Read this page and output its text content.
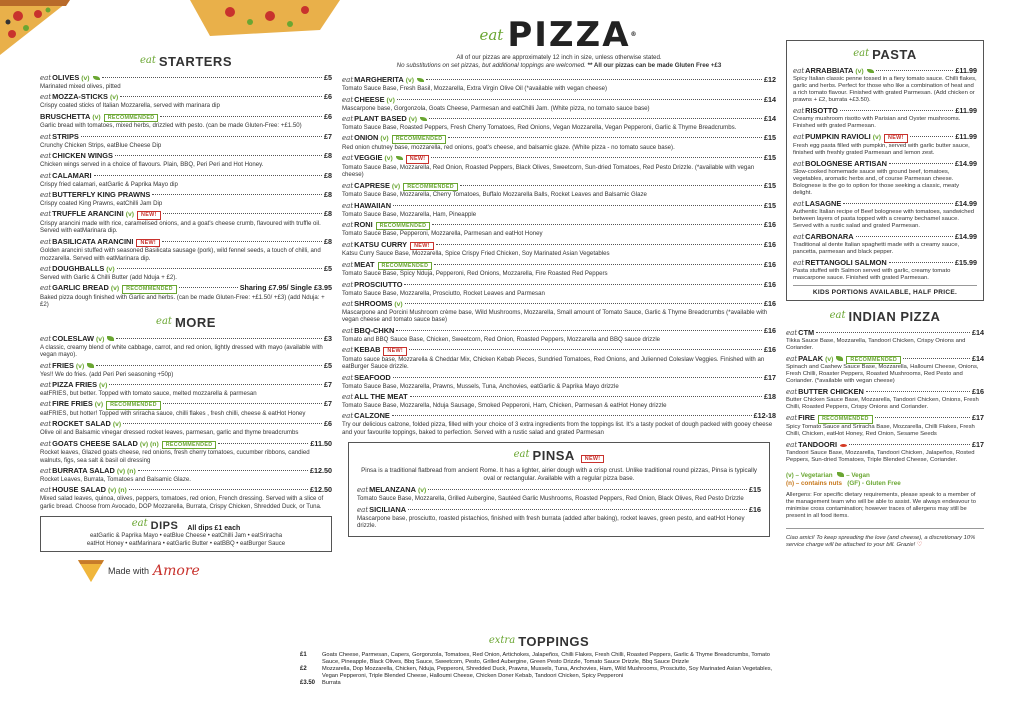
eat STARTERS
eat OLIVES (v)	£5
Marinated mixed olives, pitted
eat MOZZA-STICKS (v)	£6
Crispy coated sticks of Italian Mozzarella, served with marinara dip
BRUSCHETTA (v)	RECOMMENDED	£6
Garlic bread with tomatoes, mixed herbs, drizzled with pesto. (can be made Gluten-Free: +£1.50)
eat STRIPS	£7
Crunchy Chicken Strips, eatBlue Cheese Dip
eat CHICKEN WINGS	£8
Chicken wings served in a choice of flavours. Plain, BBQ, Peri Peri and Hot Honey.
eat CALAMARI	£8
Crispy fried calamari, eatGarlic & Paprika Mayo dip
eat BUTTERFLY KING PRAWNS	£8
Crispy coated King Prawns, eatChilli Jam Dip
eat TRUFFLE ARANCINI (v)	NEW!	£8
Crispy arancini made with rice, caramelised onions, and a goat's cheese crumb, flavoured with truffle oil. Served with eatMarinara dip.
eat BASILICATA ARANCINI	NEW!	£8
Golden arancini stuffed with seasoned Basilicata sausage (pork), wild fennel seeds, a touch of chilli, and mozzarella. Served with eatMarinara dip.
eat DOUGHBALLS (v)	£5
Served with Garlic & Chilli Butter (add Nduja + £2).
eat GARLIC BREAD (v)	RECOMMENDED	Sharing £7.95/ Single £3.95
Baked pizza dough finished with Garlic and herbs. (can be made Gluten-Free: +£1.50/ +£3) (add Nduja: +£2)
eat MORE
eat COLESLAW (v)	£3
A classic, creamy blend of white cabbage, carrot, and red onion, lightly dressed with mayo (available with vegan mayo).
eat FRIES (v)	£5
Yes!! We do fries. (add Peri Peri seasoning +50p)
eat PIZZA FRIES (v)	£7
eatFRIES, but better. Topped with tomato sauce, melted mozzarella & parmesan
eat FIRE FRIES (v)	RECOMMENDED	£7
eatFRIES, but hotter! Topped with sriracha sauce, chilli flakes , fresh chilli, cheese & eatHot Honey
eat ROCKET SALAD (v)	£6
Olive oil and Balsamic vinegar dressed rocket leaves, parmesan, garlic and thyme breadcrumbs
eat GOATS CHEESE SALAD (v) (n)	RECOMMENDED	£11.50
Rocket leaves, Glazed goats cheese, red onions, fresh cherry tomatoes, cucumber ribbons, candied walnuts, figs, sea salt & basil oil dressing
eat BURRATA SALAD (v) (n)	£12.50
Rocket Leaves, Burrata, Tomatoes and Balsamic Glaze.
eat HOUSE SALAD (v) (n)	£12.50
Mixed salad leaves, quinoa, olives, peppers, tomatoes, red onion, French dressing. Served with a slice of garlic bread. Choose from Avocado, DOP Mozzarella, Burrata, Crispy Chicken, Shredded Duck, or Tuna.
eat DIPS All dips £1 each
eatGarlic & Paprika Mayo • eatBlue Cheese • eatChilli Jam • eatSriracha
eatHot Honey • eatMarinara • eatGarlic Butter • eatBBQ • eatBurger Sauce
Made with Amore
eat PIZZA®
All of our pizzas are approximately 12 inch in size, unless otherwise stated.
No substitutions on set pizzas, but additional toppings are welcomed. ** All our pizzas can be made Gluten Free +£3
eat MARGHERITA (v)	£12
Tomato Sauce Base, Fresh Basil, Mozzarella, Extra Virgin Olive Oil (*available with vegan cheese)
eat CHEESE (v)	£14
Mascarpone base, Gorgonzola, Goats Cheese, Parmesan and eatChilli Jam. (White pizza, no tomato sauce base)
eat PLANT BASED (v)	£14
Tomato Sauce Base, Roasted Peppers, Fresh Cherry Tomatoes, Red Onions, Vegan Mozzarella, Vegan Pepperoni, Garlic & Thyme Breadcrumbs.
eat ONION (v)	RECOMMENDED	£15
Red onion chutney base, mozzarella, red onions, goat's cheese, and balsamic glaze. (White pizza - no tomato sauce base).
eat VEGGIE (v)	NEW!	£15
Tomato Sauce Base, Mozzarella, Red Onion, Roasted Peppers, Black Olives, Sweetcorn, Sun-dried Tomatoes, Red Pesto Drizzle. (*available with vegan cheese)
eat CAPRESE (v)	RECOMMENDED	£15
Tomato Sauce Base, Mozzarella, Cherry Tomatoes, Buffalo Mozzarella Balls, Rocket Leaves and Balsamic Glaze
eat HAWAIIAN	£15
Tomato Sauce Base, Mozzarella, Ham, Pineapple
eat RONI	RECOMMENDED	£16
Tomato Sauce Base, Pepperoni, Mozzarella, Parmesan and eatHot Honey
eat KATSU CURRY	NEW!	£16
Katsu Curry Sauce Base, Mozzarella, Spice Crispy Fried Chicken, Soy Marinated Asian Vegetables
eat MEAT	RECOMMENDED	£16
Tomato Sauce Base, Spicy Nduja, Pepperoni, Red Onions, Mozzarella, Fire Roasted Red Peppers
eat PROSCIUTTO	£16
Tomato Sauce Base, Mozzarella, Prosciutto, Rocket Leaves and Parmesan
eat SHROOMS (v)	£16
Mascarpone and Porcini Mushroom crème base, Wild Mushrooms, Mozzarella, Small amount of Tomato Sauce, Garlic & Thyme Breadcrumbs (*available with vegan cheese and tomato sauce base)
eat BBQ-CHKN	£16
Tomato and BBQ Sauce Base, Chicken, Sweetcorn, Red Onion, Roasted Peppers, Mozzarella and BBQ sauce drizzle
eat KEBAB	NEW!	£16
Tomato sauce base, Mozzarella & Cheddar Mix, Chicken Kebab Pieces, Sundried Tomatoes, Red Onions, and Julienned Coleslaw Veggies. Finished with an eatBurger Sauce drizzle.
eat SEAFOOD	£17
Tomato Sauce Base, Mozzarella, Prawns, Mussels, Tuna, Anchovies, eatGarlic & Paprika Mayo drizzle
eat ALL THE MEAT	£18
Tomato Sauce Base, Mozzarella, Nduja Sausage, Smoked Pepperoni, Ham, Chicken, Parmesan & eatHot Honey drizzle
eat CALZONE	£12-18
Try our delicious calzone, folded pizza, filled with your choice of 3 extra ingredients from the toppings list. It's a tasty pocket of dough packed with gooey cheese and your favourite toppings, baked to perfection. Served with a rustic salad and grated Parmesan
eat PINSA	NEW!
Pinsa is a traditional flatbread from ancient Rome. It has a lighter, airier dough with a crisp crust. Unlike traditional round pizzas, Pinsa is typically oval or rectangular. Available with a regular pizza base.
eat MELANZANA (v)	£15
Tomato Sauce Base, Mozzarella, Grilled Aubergine, Sautéed Garlic Mushrooms, Roasted Peppers, Red Onion, Black Olives, Red Pesto Drizzle
eat SICILIANA	£16
Mascarpone base, prosciutto, roasted pistachios, finished with fresh burrata (added after baking), rocket leaves, green pesto, and eatHot Honey drizzle.
extra TOPPINGS
£1	Goats Cheese, Parmesan, Capers, Gorgonzola, Tomatoes, Red Onion, Artichokes, Jalapeños, Chilli Flakes, Fresh Chilli, Roasted Peppers, Garlic & Thyme Breadcrumbs, Tomato Sauce, Pineapple, Black Olives, Bbq Sauce, Sweetcorn, Pesto, Grilled Aubergine, Green Pesto Drizzle, Tomato Sauce Drizzle, Bbq Sauce Drizzle
£2	Mozzarella, Dop Mozzarella, Chicken, Nduja, Pepperoni, Shredded Duck, Prawns, Mussels, Tuna, Anchovies, Ham, Wild Mushrooms, Prosciutto, Soy Marinated Asian Vegetables, Vegan Pepperoni, Triple Blended Cheese, Halloumi Cheese, Chicken Doner Kebab, Tandoori Chicken, Spicy Pepperoni
£3.50	Burrata
eat PASTA
eat ARRABBIATA (v)	£11.99
Spicy Italian classic penne tossed in a fiery tomato sauce. Chilli flakes, garlic and herbs. Perfect for those who like a combination of heat and a rich tomato flavour. Finished with grated Parmesan. (Add chicken or prawns + £2, burrata +£3.50).
eat RISOTTO	£11.99
Creamy mushroom risotto with Parisian and Oyster mushrooms. Finished with grated Parmesan.
eat PUMPKIN RAVIOLI (v)	NEW!	£11.99
Fresh egg pasta filled with pumpkin, served with garlic butter sauce, finished with freshly grated Parmesan and lemon zest.
eat BOLOGNESE ARTISAN	£14.99
Slow-cooked homemade sauce with ground beef, tomatoes, vegetables, aromatic herbs and, of course Parmesan cheese. Bolognese is the go to option for those seeking a classic, meaty delight.
eat LASAGNE	£14.99
Authentic Italian recipe of Beef bolognese with tomatoes, sandwiched between layers of pasta topped with a creamy bechamel sauce. Served with a rustic salad and grated Parmesan.
eat CARBONARA	£14.99
Traditional al dente Italian spaghetti made with a creamy sauce, pancetta, parmesan and black pepper.
eat RETTANGOLI SALMON	£15.99
Pasta stuffed with Salmon served with garlic, creamy tomato mascarpone sauce. Finished with grated Parmesan.
KIDS PORTIONS AVAILABLE, HALF PRICE.
eat INDIAN PIZZA
eat CTM	£14
Tikka Sauce Base, Mozzarella, Tandoori Chicken, Crispy Onions and Coriander.
eat PALAK (v)	RECOMMENDED	£14
Spinach and Cashew Sauce Base, Mozzarella, Halloumi Cheese, Onions, Fresh Chilli, Roaster Peppers, Roasted Mushrooms, Red Pesto and Coriander. (*available with vegan cheese)
eat BUTTER CHICKEN	£16
Butter Chicken Sauce Base, Mozzarella, Tandoori Chicken, Onions, Fresh Chilli, Roasted Peppers, Crispy Onions and Coriander.
eat FIRE	RECOMMENDED	£17
Spicy Tomato Sauce and Sriracha Base, Mozzarella, Chilli Flakes, Fresh Chilli, Chicken, eatHot Honey, Red Onion, Sesame Seeds
eat TANDOORI	£17
Tandoori Sauce Base, Mozzarella, Tandoori Chicken, Jalapeños, Rosted Peppers, Sun-dried Tomatoes, Triple Blended Cheese, Coriander.
(v) – Vegetarian – Vegan
(n) – contains nuts (GF) - Gluten Free
Allergens: For specific dietary requirements, please speak to a member of the management team who will be able to assist. We always endeavour to minimise cross contamination; however traces of allergens may still be present in all food items.
Ciao amici! To keep spreading the love (and cheese), a discretionary 10% service charge will be attached to your bill. Grazie! ♡
